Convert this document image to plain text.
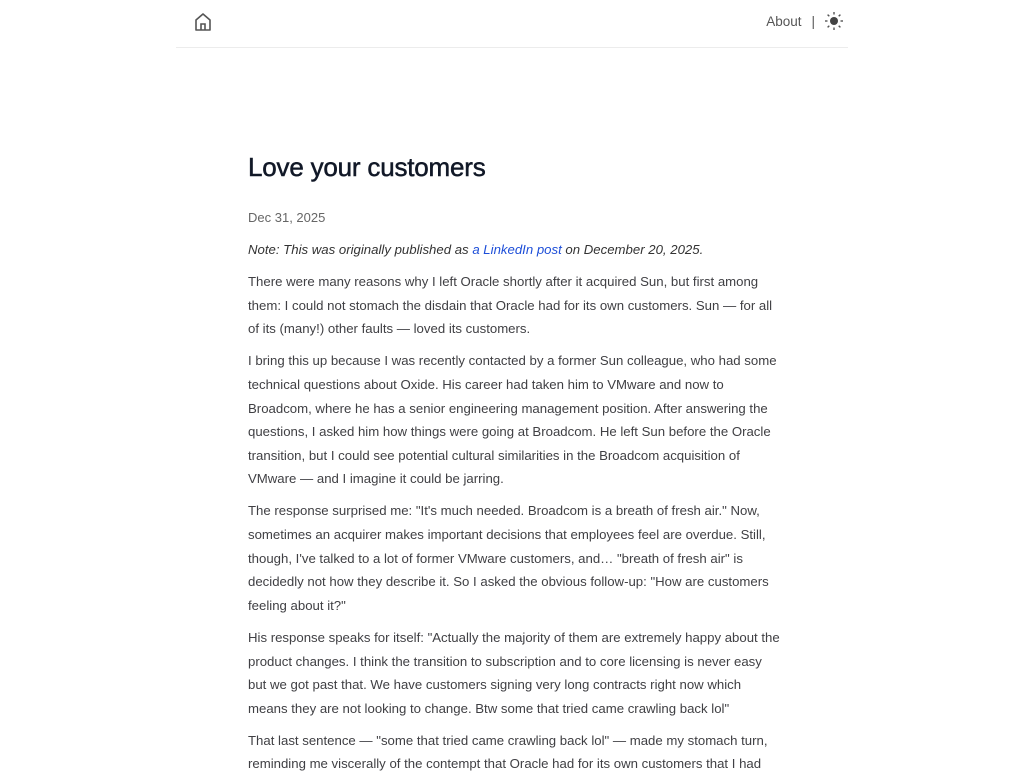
About |
Love your customers
Dec 31, 2025

Note: This was originally published as a LinkedIn post on December 20, 2025.

There were many reasons why I left Oracle shortly after it acquired Sun, but first among them: I could not stomach the disdain that Oracle had for its own customers. Sun — for all of its (many!) other faults — loved its customers.

I bring this up because I was recently contacted by a former Sun colleague, who had some technical questions about Oxide. His career had taken him to VMware and now to Broadcom, where he has a senior engineering management position. After answering the questions, I asked him how things were going at Broadcom. He left Sun before the Oracle transition, but I could see potential cultural similarities in the Broadcom acquisition of VMware — and I imagine it could be jarring.

The response surprised me: "It's much needed. Broadcom is a breath of fresh air." Now, sometimes an acquirer makes important decisions that employees feel are overdue. Still, though, I've talked to a lot of former VMware customers, and… "breath of fresh air" is decidedly not how they describe it. So I asked the obvious follow-up: "How are customers feeling about it?"

His response speaks for itself: "Actually the majority of them are extremely happy about the product changes. I think the transition to subscription and to core licensing is never easy but we got past that. We have customers signing very long contracts right now which means they are not looking to change. Btw some that tried came crawling back lol"

That last sentence — "some that tried came crawling back lol" — made my stomach turn, reminding me viscerally of the contempt that Oracle had for its own customers that I had
